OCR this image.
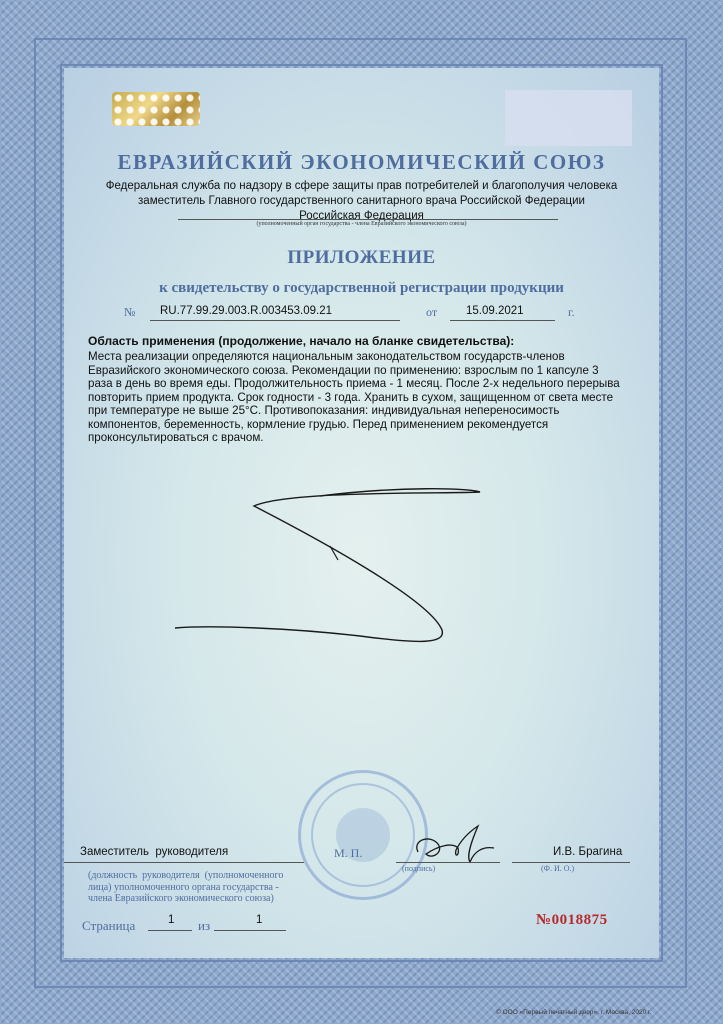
ЕВРАЗИЙСКИЙ ЭКОНОМИЧЕСКИЙ СОЮЗ
Федеральная служба по надзору в сфере защиты прав потребителей и благополучия человека
заместитель Главного государственного санитарного врача Российской Федерации
Российская Федерация
(уполномоченный орган государства - члена Евразийского экономического союза)
ПРИЛОЖЕНИЕ
к свидетельству о государственной регистрации продукции
№ RU.77.99.29.003.R.003453.09.21	от	15.09.2021	г.
Область применения (продолжение, начало на бланке свидетельства):
Места реализации определяются национальным законодательством государств-членов
Евразийского экономического союза. Рекомендации по применению: взрослым по 1 капсуле 3
раза в день во время еды. Продолжительность приема - 1 месяц. После 2-х недельного перерыва
повторить прием продукта. Срок годности - 3 года. Хранить в сухом, защищенном от света месте
при температуре не выше 25°С. Противопоказания: индивидуальная непереносимость
компонентов, беременность, кормление грудью. Перед применением рекомендуется
проконсультироваться с врачом.
Заместитель  руководителя	М. П.
(подпись)
И.В. Брагина
(Ф. И. О.)
(должность  руководителя  (уполномоченного
лица) уполномоченного органа государства -
члена Евразийского экономического союза)
Страница	1 из	1	№0018875
© ООО «Первый печатный двор», г. Москва, 2020 г.
